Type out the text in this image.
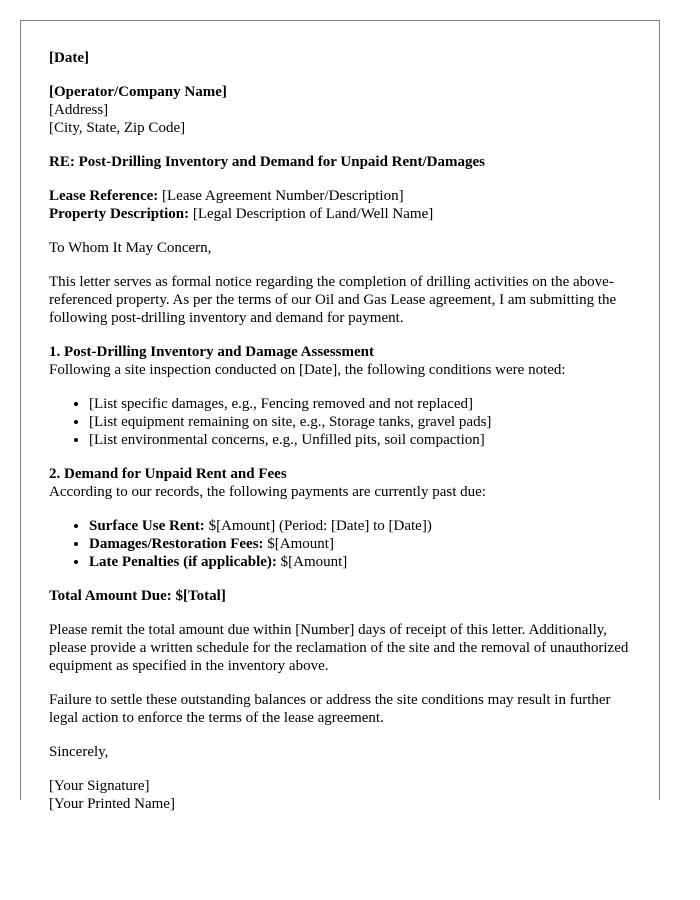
[Date]

[Operator/Company Name]

[Address]

[City, State, Zip Code]

RE: Post-Drilling Inventory and Demand for Unpaid Rent/Damages

Lease Reference: [Lease Agreement Number/Description]

Property Description: [Legal Description of Land/Well Name]

To Whom It May Concern,

This letter serves as formal notice regarding the completion of drilling activities on the above-referenced property. As per the terms of our Oil and Gas Lease agreement, I am submitting the following post-drilling inventory and demand for payment.

1. Post-Drilling Inventory and Damage Assessment

Following a site inspection conducted on [Date], the following conditions were noted:

• [List specific damages, e.g., Fencing removed and not replaced]
• [List equipment remaining on site, e.g., Storage tanks, gravel pads]
• [List environmental concerns, e.g., Unfilled pits, soil compaction]

2. Demand for Unpaid Rent and Fees

According to our records, the following payments are currently past due:

• Surface Use Rent: $[Amount] (Period: [Date] to [Date])
• Damages/Restoration Fees: $[Amount]
• Late Penalties (if applicable): $[Amount]

Total Amount Due: $[Total]

Please remit the total amount due within [Number] days of receipt of this letter. Additionally, please provide a written schedule for the reclamation of the site and the removal of unauthorized equipment as specified in the inventory above.

Failure to settle these outstanding balances or address the site conditions may result in further legal action to enforce the terms of the lease agreement.

Sincerely,

[Your Signature]

[Your Printed Name]
